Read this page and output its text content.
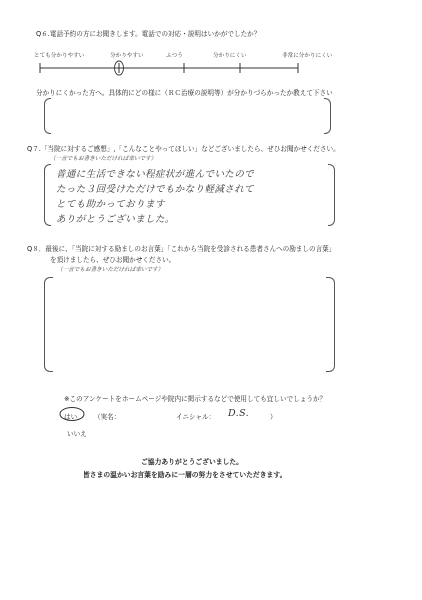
Q６.電話予約の方にお聞きします。電話での対応・説明はいかがでしたか？
とても分かりやすい	分かりやすい	ふつう	分かりにくい	非常に分かりにくい
分かりにくかった方へ。具体的にどの様に（ＲＣ治療の説明等）が分かりづらかったか教えて下さい
Q７.「当院に対するご感想」,「こんなことやってほしい」などございましたら、ぜひお聞かせください。
（一言でもお書きいただければ幸いです）
普通に生活できない程症状が進んでいたので
たった３回受けただけでもかなり軽減されて
とても助かっております
ありがとうございました。
Q８．最後に、「当院に対する励ましのお言葉」「これから当院を受診される患者さんへの励ましの言葉」
を頂けましたら、ぜひお聞かせください。
（一言でもお書きいただければ幸いです）
※このアンケートをホームページや院内に掲示するなどで使用しても宜しいでしょうか？
はい	（実名：	イニシャル： D.S.	）
いいえ
ご協力ありがとうございました。
皆さまの温かいお言葉を励みに一層の努力をさせていただきます。
